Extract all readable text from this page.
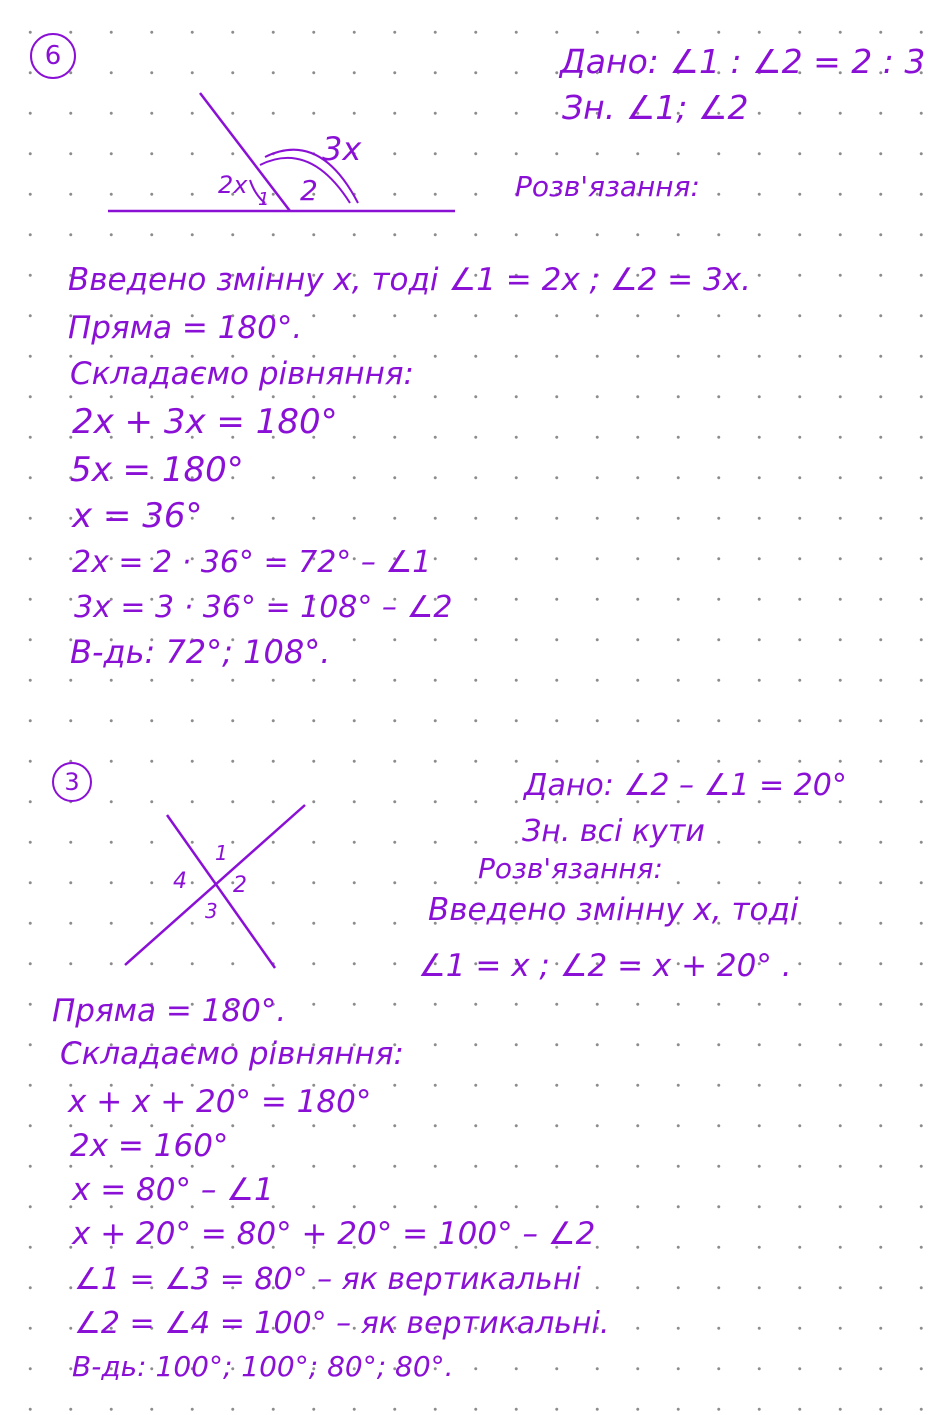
6	Дано: ∠1 : ∠2 = 2 : 3
Зн. ∠1; ∠2
2x
1 2
3x
Розв'язання:
Введено змінну x, тоді ∠1 = 2x ; ∠2 = 3x.
Пряма = 180°.
Складаємо рівняння:
2x + 3x = 180°
5x = 180°
x = 36°
2x = 2 · 36° = 72° – ∠1
3x = 3 · 36° = 108° – ∠2
В-дь: 72°; 108°.
3	Дано: ∠2 – ∠1 = 20°
Зн. всі кути
Розв'язання:
Введено змінну x, тоді
∠1 = x ; ∠2 = x + 20° .
1
2
3
4
Пряма = 180°.
Складаємо рівняння:
x + x + 20° = 180°
2x = 160°
x = 80° – ∠1
x + 20° = 80° + 20° = 100° – ∠2
∠1 = ∠3 = 80° – як вертикальні
∠2 = ∠4 = 100° – як вертикальні.
В-дь: 100°; 100°; 80°; 80°.
